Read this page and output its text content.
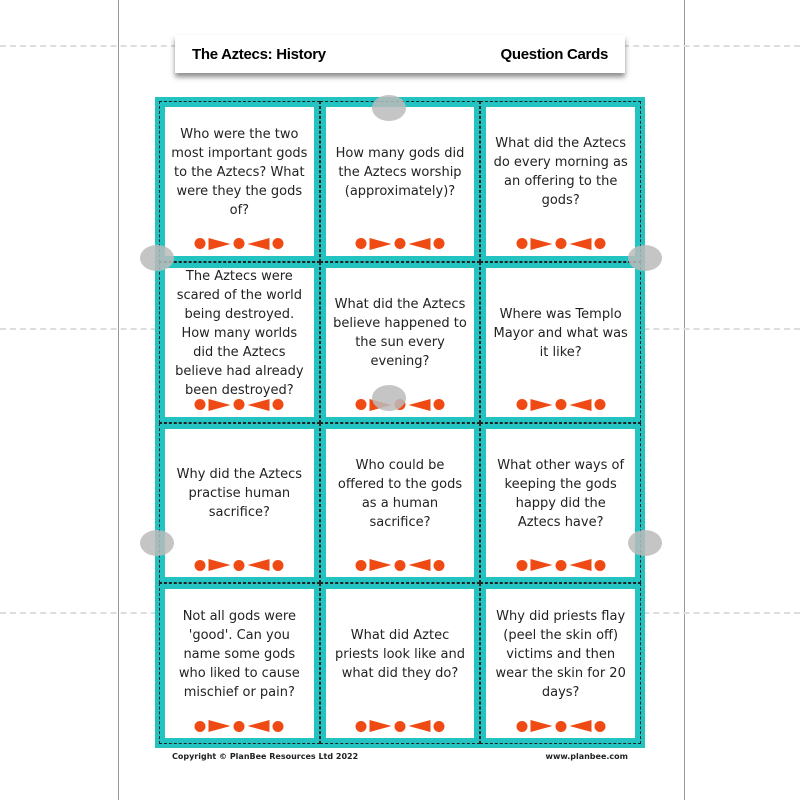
The Aztecs: History	Question Cards
Who were the two most important gods to the Aztecs? What were they the gods of?
How many gods did the Aztecs worship (approximately)?
What did the Aztecs do every morning as an offering to the gods?
The Aztecs were scared of the world being destroyed. How many worlds did the Aztecs believe had already been destroyed?
What did the Aztecs believe happened to the sun every evening?
Where was Templo Mayor and what was it like?
Why did the Aztecs practise human sacrifice?
Who could be offered to the gods as a human sacrifice?
What other ways of keeping the gods happy did the Aztecs have?
Not all gods were 'good'. Can you name some gods who liked to cause mischief or pain?
What did Aztec priests look like and what did they do?
Why did priests flay (peel the skin off) victims and then wear the skin for 20 days?
Copyright © PlanBee Resources Ltd 2022	www.planbee.com
